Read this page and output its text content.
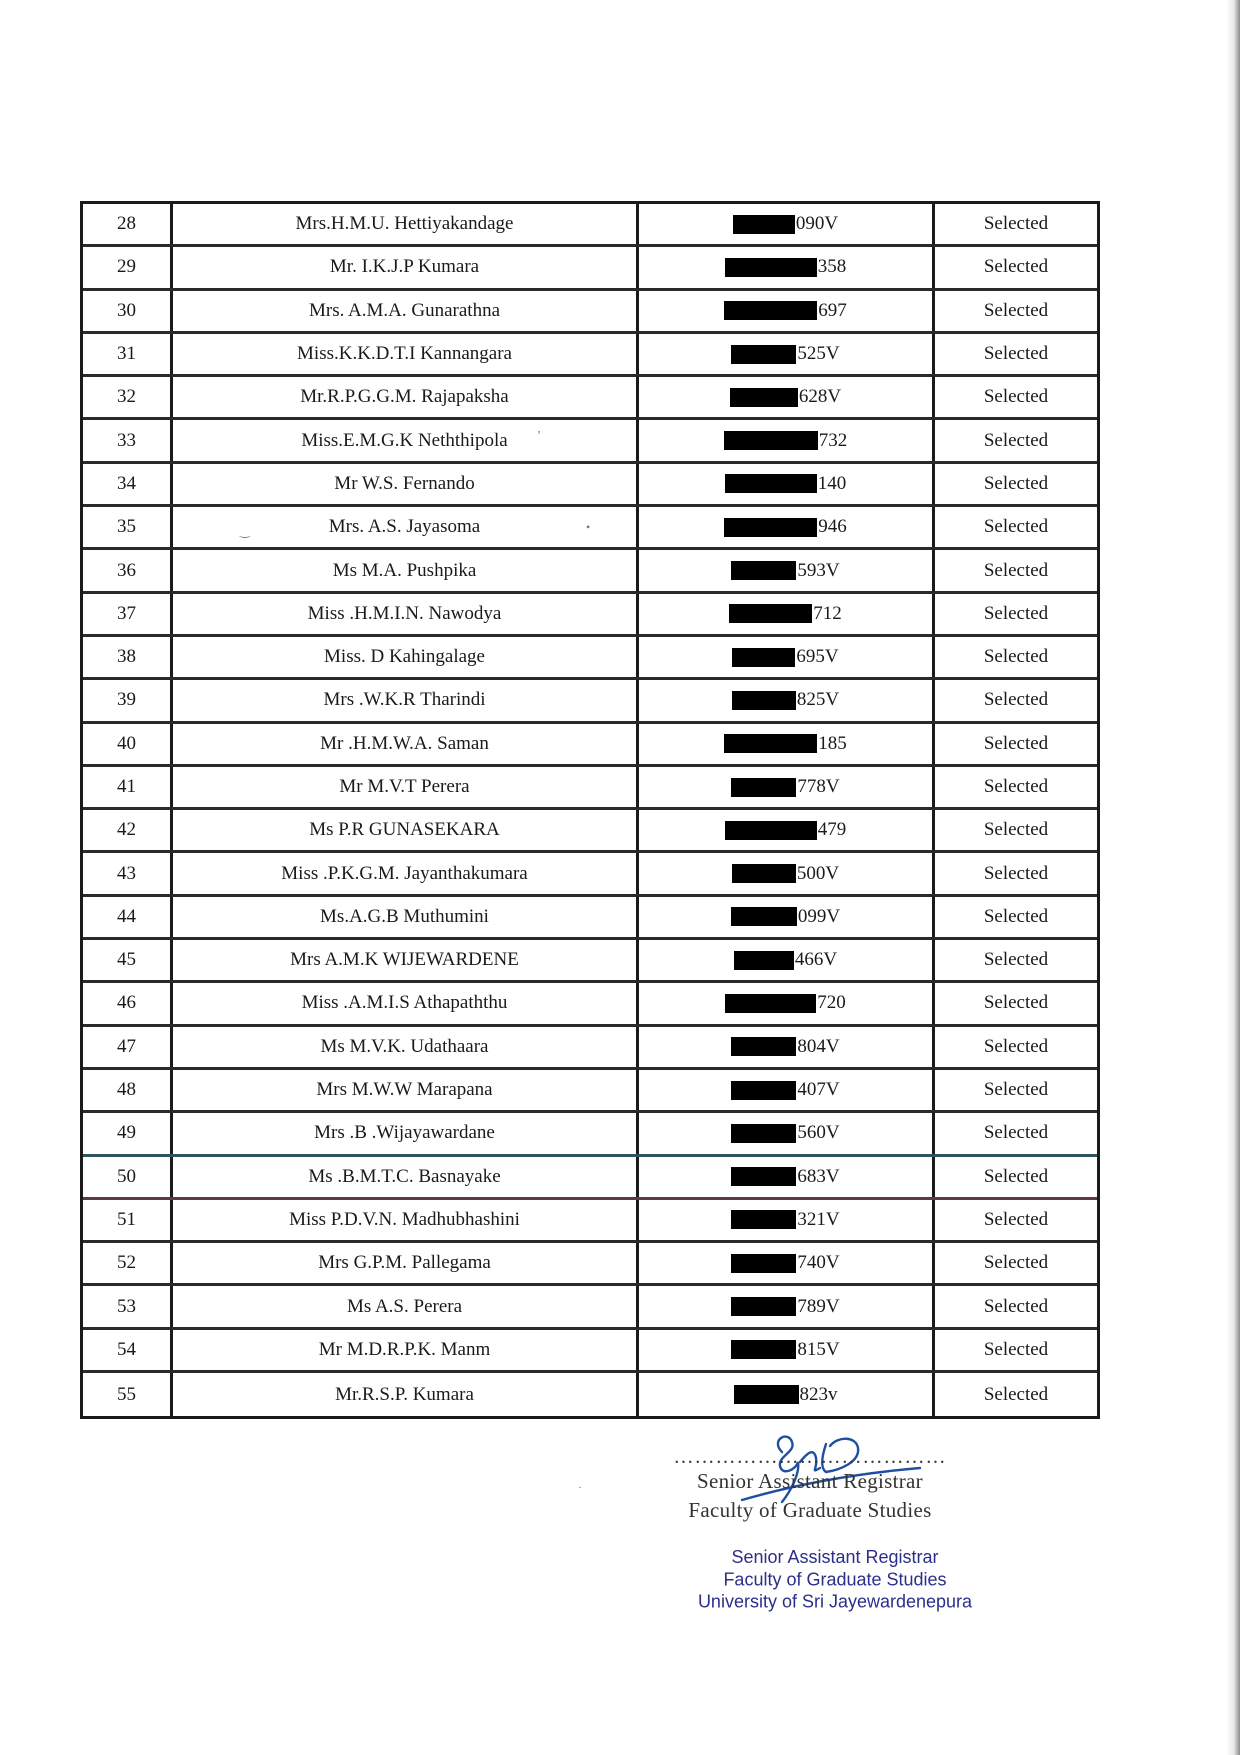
28	Mrs.H.M.U. Hettiyakandage	090V	Selected
29	Mr. I.K.J.P Kumara	358	Selected
30	Mrs. A.M.A. Gunarathna	697	Selected
31	Miss.K.K.D.T.I Kannangara	525V	Selected
32	Mr.R.P.G.G.M. Rajapaksha	628V	Selected
33	Miss.E.M.G.K Neththipola	732	Selected
34	Mr W.S. Fernando	140	Selected
35	Mrs. A.S. Jayasoma	946	Selected
36	Ms M.A. Pushpika	593V	Selected
37	Miss .H.M.I.N. Nawodya	712	Selected
38	Miss. D Kahingalage	695V	Selected
39	Mrs .W.K.R Tharindi	825V	Selected
40	Mr .H.M.W.A. Saman	185	Selected
41	Mr M.V.T Perera	778V	Selected
42	Ms P.R GUNASEKARA	479	Selected
43	Miss .P.K.G.M. Jayanthakumara	500V	Selected
44	Ms.A.G.B Muthumini	099V	Selected
45	Mrs A.M.K WIJEWARDENE	466V	Selected
46	Miss .A.M.I.S Athapaththu	720	Selected
47	Ms M.V.K. Udathaara	804V	Selected
48	Mrs M.W.W Marapana	407V	Selected
49	Mrs .B .Wijayawardane	560V	Selected
50	Ms .B.M.T.C. Basnayake	683V	Selected
51	Miss P.D.V.N. Madhubhashini	321V	Selected
52	Mrs G.P.M. Pallegama	740V	Selected
53	Ms A.S. Perera	789V	Selected
54	Mr M.D.R.P.K. Manm	815V	Selected
55	Mr.R.S.P. Kumara	823v	Selected
…………………………………
Senior Assistant Registrar
Faculty of Graduate Studies
Senior Assistant Registrar
Faculty of Graduate Studies
University of Sri Jayewardenepura
‿	•
ʼ
·
